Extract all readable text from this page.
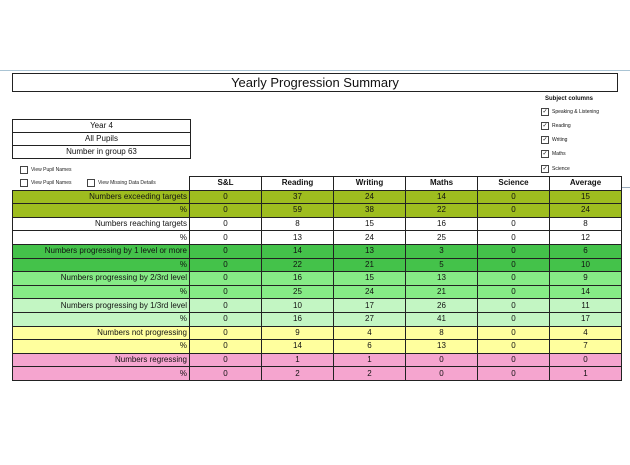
Yearly Progression Summary
Year 4
All Pupils
Number in group 63
View Pupil Names
View Pupil Names	View Missing Data Details
Subject columns
✓ Speaking & Listening
✓ Reading
✓ Writing
✓ Maths
✓ Science
	S&L	Reading	Writing	Maths	Science	Average
Numbers exceeding targets	0	37	24	14	0	15
%	0	59	38	22	0	24
Numbers reaching targets	0	8	15	16	0	8
%	0	13	24	25	0	12
Numbers progressing by 1 level or more	0	14	13	3	0	6
%	0	22	21	5	0	10
Numbers progressing by 2/3rd level	0	16	15	13	0	9
%	0	25	24	21	0	14
Numbers progressing by 1/3rd level	0	10	17	26	0	11
%	0	16	27	41	0	17
Numbers not progressing	0	9	4	8	0	4
%	0	14	6	13	0	7
Numbers regressing	0	1	1	0	0	0
%	0	2	2	0	0	1
